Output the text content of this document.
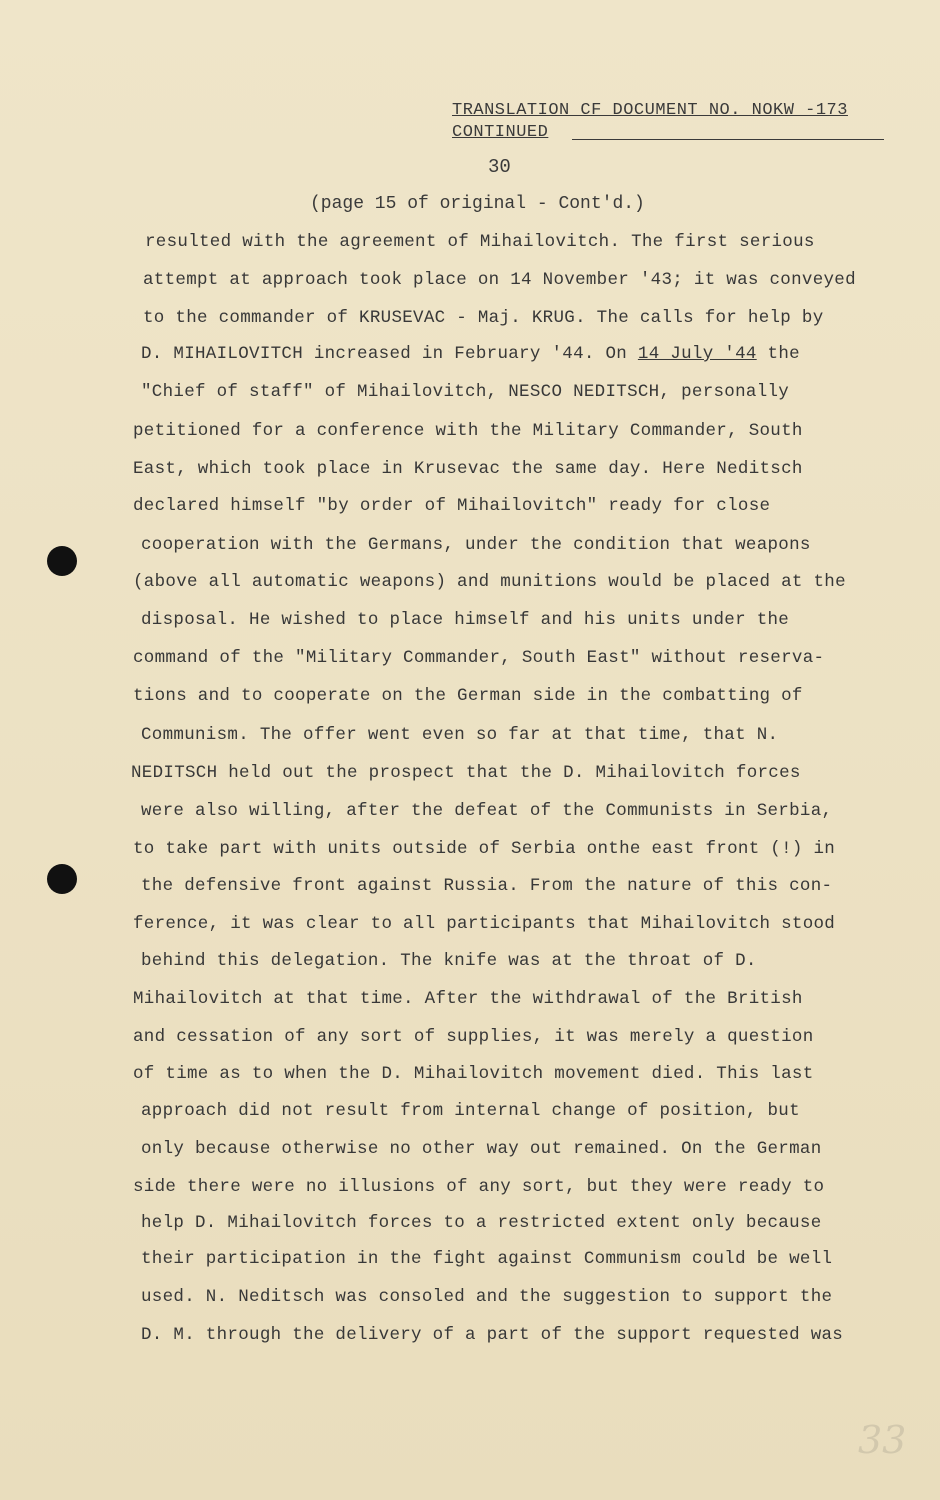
TRANSLATION CF DOCUMENT NO. NOKW -173
CONTINUED
30
(page 15 of original - Cont'd.)
resulted with the agreement of Mihailovitch. The first serious
attempt at approach took place on 14 November '43; it was conveyed
to the commander of KRUSEVAC - Maj. KRUG. The calls for help by
D. MIHAILOVITCH increased in February '44. On 14 July '44 the
"Chief of staff" of Mihailovitch, NESCO NEDITSCH, personally
petitioned for a conference with the Military Commander, South
East, which took place in Krusevac the same day. Here Neditsch
declared himself "by order of Mihailovitch" ready for close
cooperation with the Germans, under the condition that weapons
(above all automatic weapons) and munitions would be placed at the
disposal. He wished to place himself and his units under the
command of the "Military Commander, South East" without reserva-
tions and to cooperate on the German side in the combatting of
Communism. The offer went even so far at that time, that N.
NEDITSCH held out the prospect that the D. Mihailovitch forces
were also willing, after the defeat of the Communists in Serbia,
to take part with units outside of Serbia onthe east front (!) in
the defensive front against Russia. From the nature of this con-
ference, it was clear to all participants that Mihailovitch stood
behind this delegation. The knife was at the throat of D.
Mihailovitch at that time. After the withdrawal of the British
and cessation of any sort of supplies, it was merely a question
of time as to when the D. Mihailovitch movement died. This last
approach did not result from internal change of position, but
only because otherwise no other way out remained. On the German
side there were no illusions of any sort, but they were ready to
help D. Mihailovitch forces to a restricted extent only because
their participation in the fight against Communism could be well
used. N. Neditsch was consoled and the suggestion to support the
D. M. through the delivery of a part of the support requested was
33
